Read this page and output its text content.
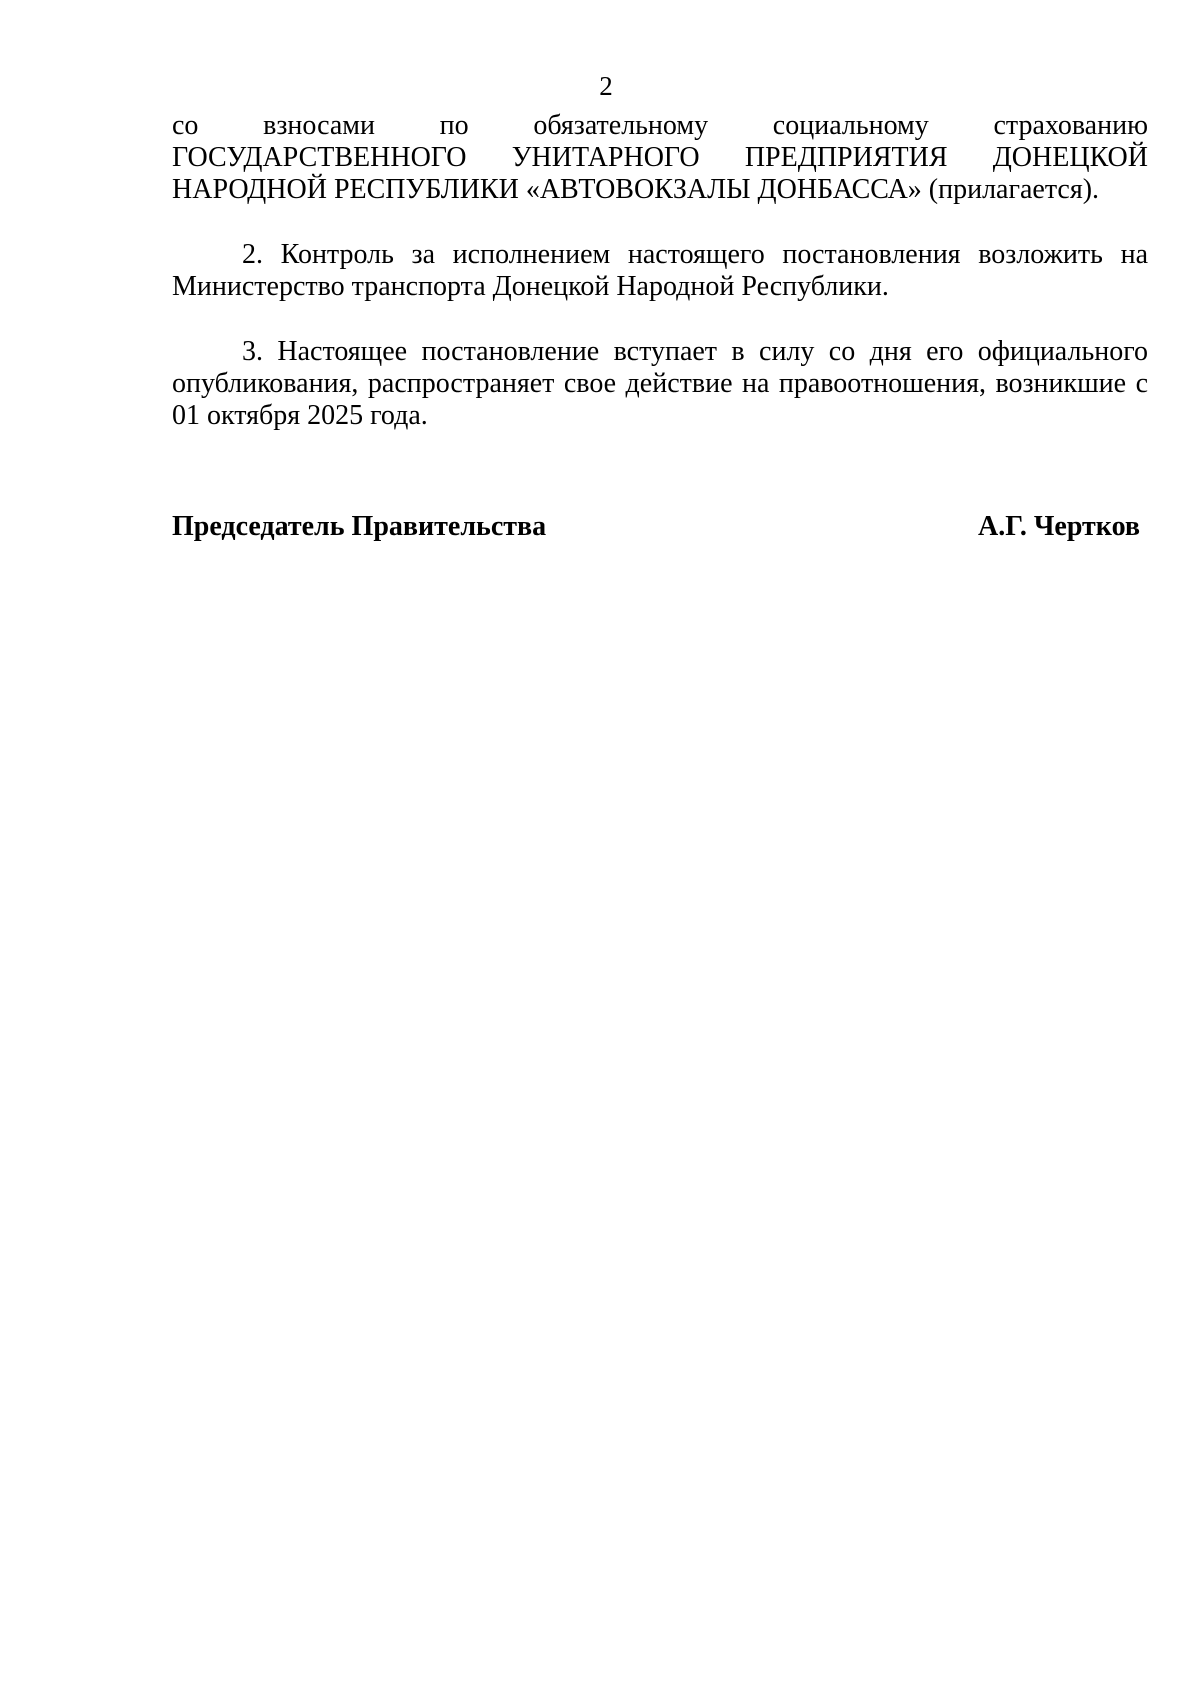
2

со взносами по обязательному социальному страхованию ГОСУДАРСТВЕННОГО УНИТАРНОГО ПРЕДПРИЯТИЯ ДОНЕЦКОЙ НАРОДНОЙ РЕСПУБЛИКИ «АВТОВОКЗАЛЫ ДОНБАССА» (прилагается).

2. Контроль за исполнением настоящего постановления возложить на Министерство транспорта Донецкой Народной Республики.

3. Настоящее постановление вступает в силу со дня его официального опубликования, распространяет свое действие на правоотношения, возникшие с 01 октября 2025 года.

Председатель Правительства	А.Г. Чертков
